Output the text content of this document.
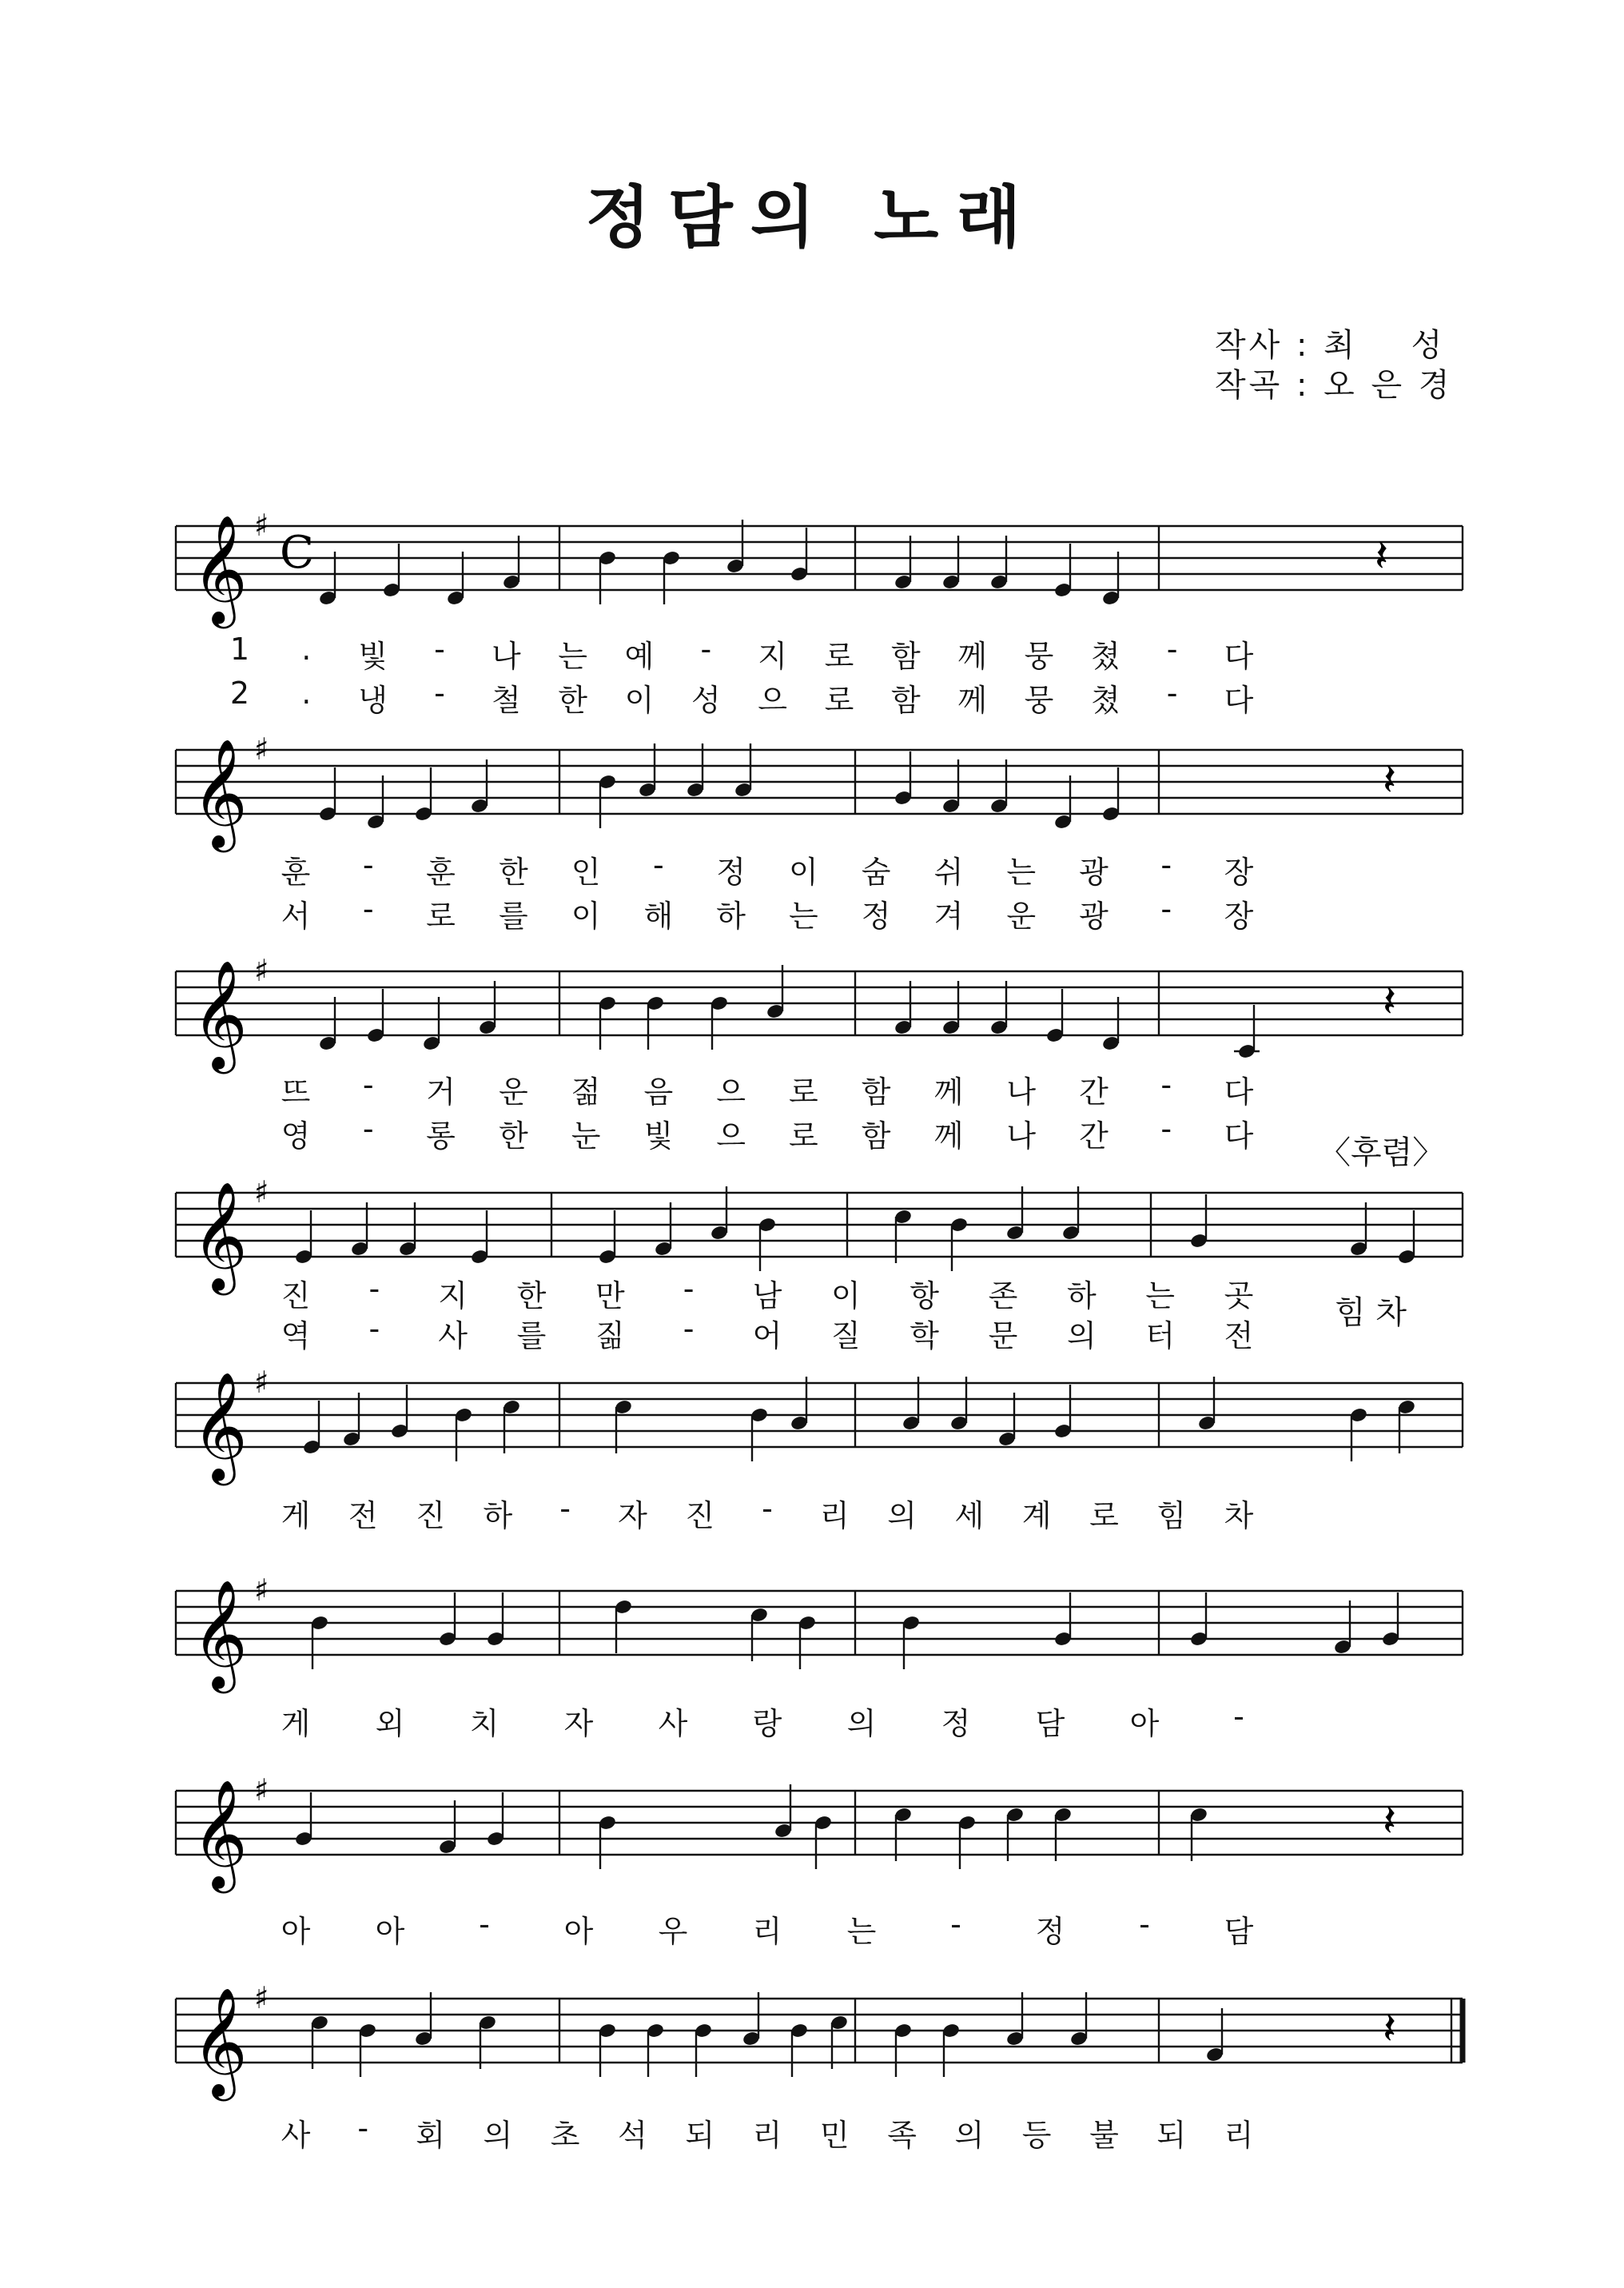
정담의 노래
작사 : 최    성
작곡 : 오 은 경
𝄞 ♯
C	𝄽
1 . 빛 - 나 는 예 - 지 로 함 께 뭉 쳤 - 다
2 . 냉 - 철 한 이 성 으 로 함 께 뭉 쳤 - 다
𝄞 ♯
𝄽
훈 - 훈 한 인 - 정 이 숨 쉬 는 광 - 장
서 - 로 를 이 해 하 는 정 겨 운 광 - 장
𝄞 ♯
𝄽
뜨 - 거 운 젊 음 으 로 함 께 나 간 - 다
영 - 롱 한 눈 빛 으 로 함 께 나 간 - 다
𝄞 ♯
진 - 지 한 만 - 남 이 항 존 하 는 곳
역 - 사 를 짊 - 어 질 학 문 의 터 전
힘 차
𝄞 ♯
게 전 진 하 - 자 진 - 리 의 세 계 로 힘 차
𝄞 ♯
게 외 치 자 사 랑 의 정 담 아 -
𝄞 ♯
𝄽
아 아 - 아 우 리 는 - 정 - 담
𝄞 ♯
𝄽
사 - 회 의 초 석 되 리 민 족 의 등 불 되 리
〈후렴〉
